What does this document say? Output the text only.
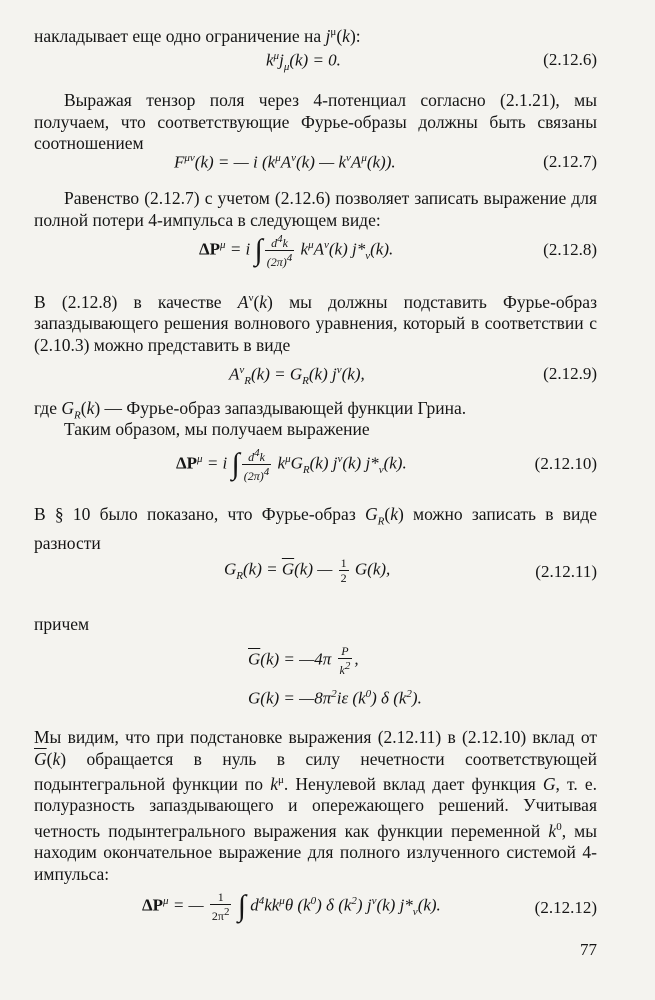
накладывает еще одно ограничение на $j^\mu(k)$:

$k^\mu j_\mu(k) = 0$.	(2.12.6)

Выражая тензор поля через 4-потенциал согласно (2.1.21), мы получаем, что соответствующие Фурье-образы должны быть связаны соотношением

$F^{\mu\nu}(k)$ = — i ($k^\mu A^\nu(k)$ — $k^\nu A^\mu(k)$).	(2.12.7)

Равенство (2.12.7) с учетом (2.12.6) позволяет записать выражение для полной потери 4-импульса в следующем виде:

$\Delta P^\mu = i$ ∫ $\frac{d4k}{(2\pi)4} k^\mu A^\nu(k)$ $j*_\nu(k)$.	(2.12.8)

В (2.12.8) в качестве $A^\nu(k)$ мы должны подставить Фурье-образ запаздывающего решения волнового уравнения, который в соответствии с (2.10.3) можно представить в виде

$A^\nu_R(k) = G_R(k)$ $j^\nu(k)$,	(2.12.9)

где $G_R(k)$ — Фурье-образ запаздывающей функции Грина.

Таким образом, мы получаем выражение

$\Delta P^\mu = i$ ∫ $\frac{d4k}{(2\pi)4} k^\mu G_R(k)$ $j^\nu(k)$ $j*_\nu(k)$.	(2.12.10)

В § 10 было показано, что Фурье-образ $G_R(k)$ можно записать в виде разности

$G_R(k) = \overline{G}(k)$ — $\frac{1}{2} G(k)$,	(2.12.11)

причем

$\overline{G}(k)$ = —4π $\frac{P}{k2}$ ,
$G(k) = —8\pi^2i\varepsilon$ $(k^0)$ δ $(k^2)$.

Мы видим, что при подстановке выражения (2.12.11) в (2.12.10) вклад от $\overline{G}(k)$ обращается в нуль в силу нечетности соответствующей подынтегральной функции по $k^\mu$. Ненулевой вклад дает функция G, т. е. полуразность запаздывающего и опережающего решений. Учитывая четность подынтегрального выражения как функции переменной $k^0$, мы находим окончательное выражение для полного излученного системой 4-импульса:

$\Delta P^\mu$ = — $\frac{1}{2\pi 2}$ ∫ $d^4kk^\mu\theta$ $(k^0)$ δ $(k^2)$ $j^\nu(k)$ $j*_\nu(k)$.	(2.12.12)
77
